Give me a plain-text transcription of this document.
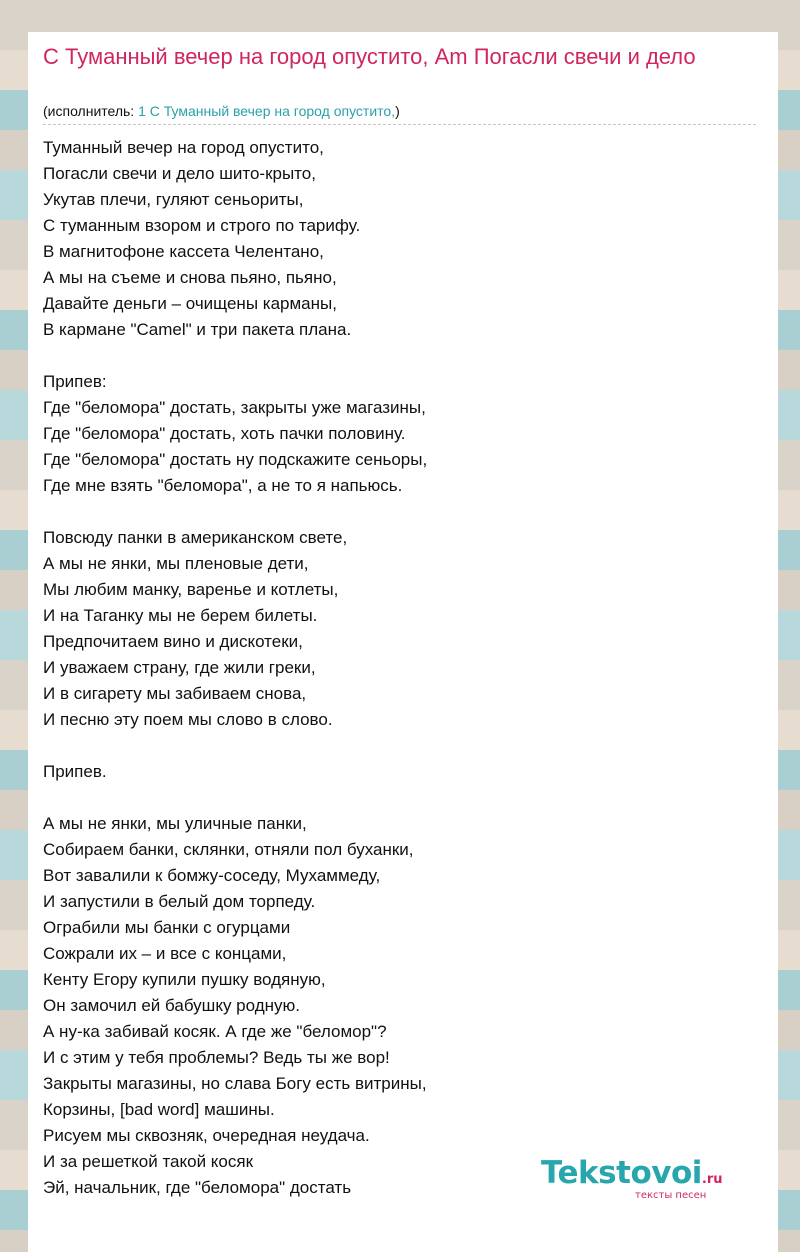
С Туманный вечер на город опустито, Am Погасли свечи и дело
(исполнитель: 1 С Туманный вечер на город опустито,)
Туманный вечер на город опустито,
Погасли свечи и дело шито-крыто,
Укутав плечи, гуляют сеньориты,
С туманным взором и строго по тарифу.
В магнитофоне кассета Челентано,
А мы на съеме и снова пьяно, пьяно,
Давайте деньги – очищены карманы,
В кармане "Camel" и три пакета плана.
Припев:
Где "беломора" достать, закрыты уже магазины,
Где "беломора" достать, хоть пачки половину.
Где "беломора" достать ну подскажите сеньоры,
Где мне взять "беломора", а не то я напьюсь.
Повсюду панки в американском свете,
А мы не янки, мы пленовые дети,
Мы любим манку, варенье и котлеты,
И на Таганку мы не берем билеты.
Предпочитаем вино и дискотеки,
И уважаем страну, где жили греки,
И в сигарету мы забиваем снова,
И песню эту поем мы слово в слово.
Припев.
А мы не янки, мы уличные панки,
Собираем банки, склянки, отняли пол буханки,
Вот завалили к бомжу-соседу, Мухаммеду,
И запустили в белый дом торпеду.
Ограбили мы банки с огурцами
Сожрали их – и все с концами,
Кенту Егору купили пушку водяную,
Он замочил ей бабушку родную.
А ну-ка забивай косяк. А где же "беломор"?
И с этим у тебя проблемы? Ведь ты же вор!
Закрыты магазины, но слава Богу есть витрины,
Корзины, [bad word] машины.
Рисуем мы сквозняк, очередная неудача.
И за решеткой такой косяк
Эй, начальник, где "беломора" достать	Tekstovoi.ru
тексты песен
